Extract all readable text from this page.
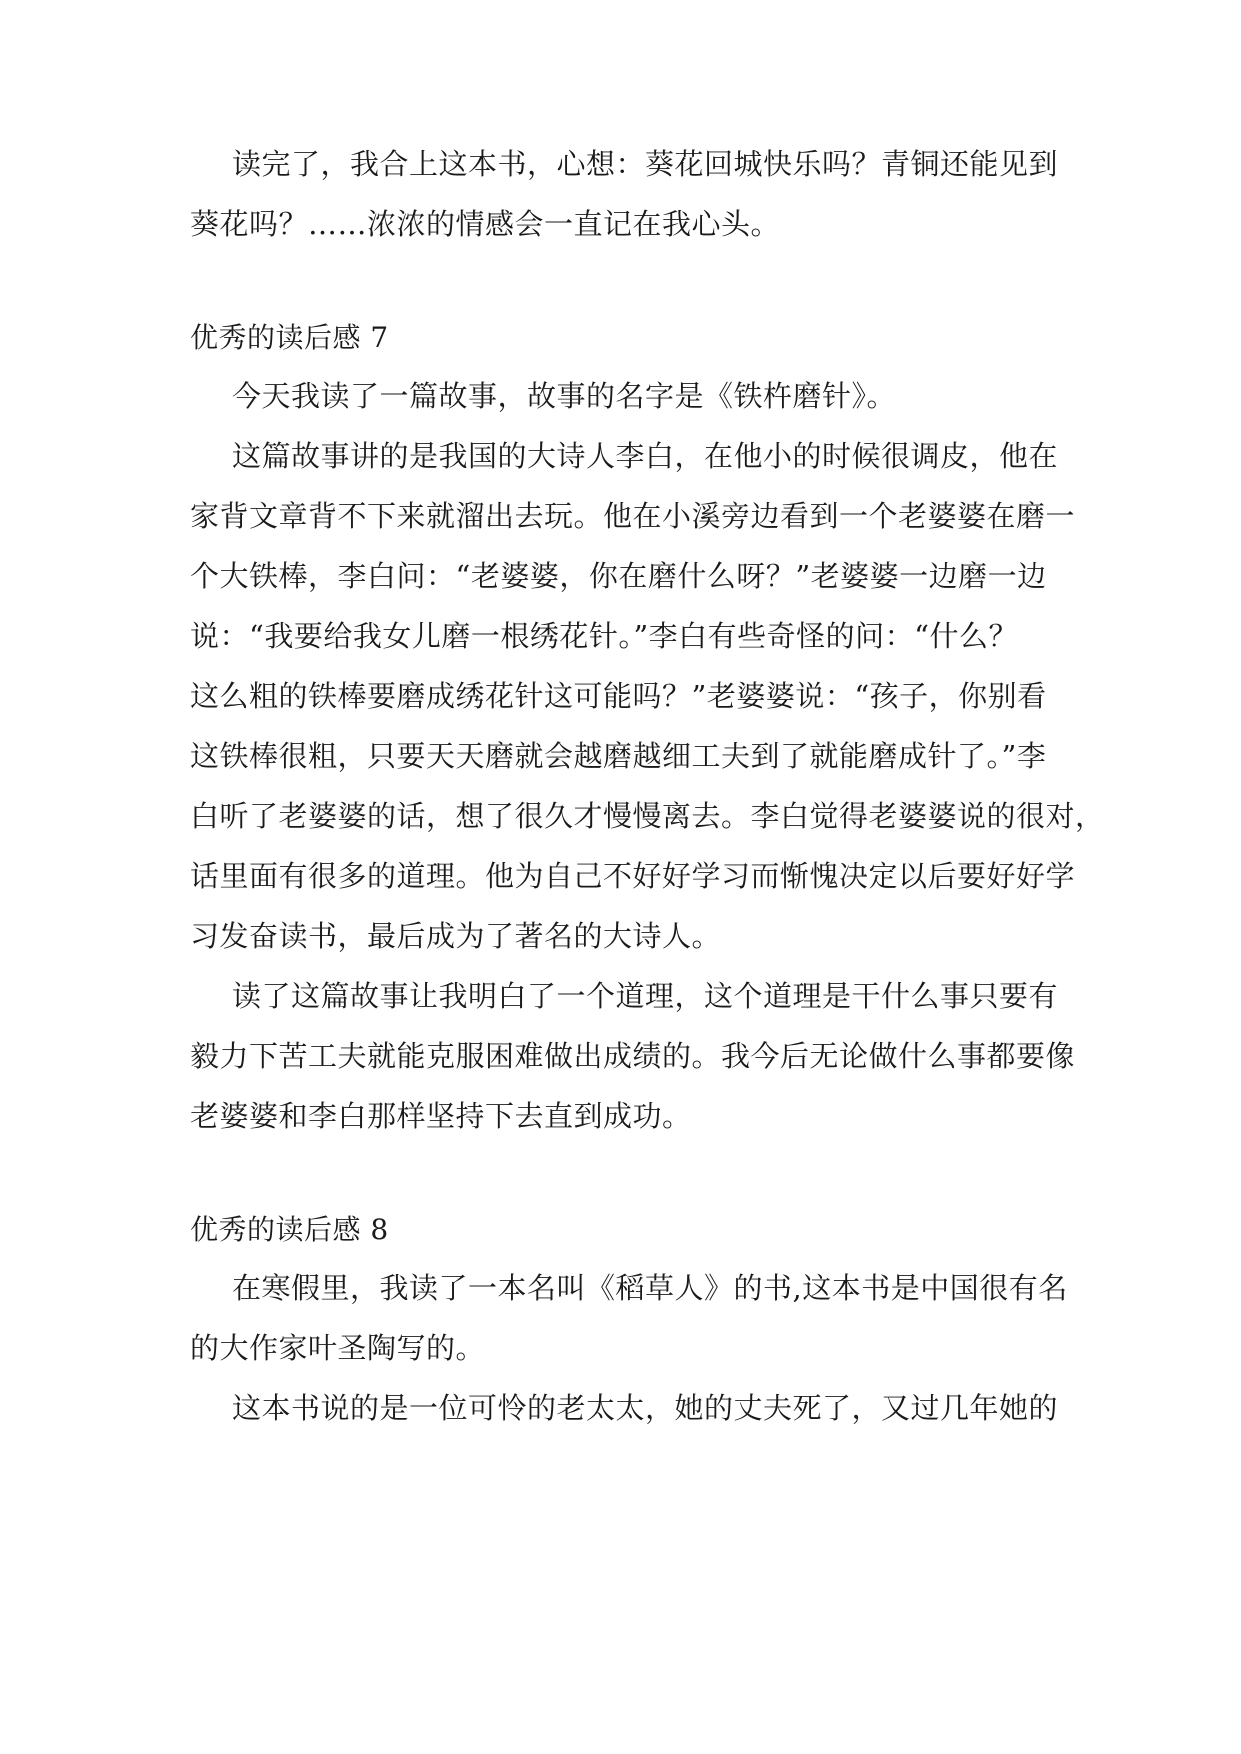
读完了，我合上这本书，心想：葵花回城快乐吗？青铜还能见到
葵花吗？……浓浓的情感会一直记在我心头。
优秀的读后感 7
今天我读了一篇故事，故事的名字是《铁杵磨针》。
这篇故事讲的是我国的大诗人李白，在他小的时候很调皮，他在
家背文章背不下来就溜出去玩。他在小溪旁边看到一个老婆婆在磨一
个大铁棒，李白问：“老婆婆，你在磨什么呀？”老婆婆一边磨一边
说：“我要给我女儿磨一根绣花针。”李白有些奇怪的问：“什么？
这么粗的铁棒要磨成绣花针这可能吗？”老婆婆说：“孩子，你别看
这铁棒很粗，只要天天磨就会越磨越细工夫到了就能磨成针了。”李
白听了老婆婆的话，想了很久才慢慢离去。李白觉得老婆婆说的很对，
话里面有很多的道理。他为自己不好好学习而惭愧决定以后要好好学
习发奋读书，最后成为了著名的大诗人。
读了这篇故事让我明白了一个道理，这个道理是干什么事只要有
毅力下苦工夫就能克服困难做出成绩的。我今后无论做什么事都要像
老婆婆和李白那样坚持下去直到成功。
优秀的读后感 8
在寒假里，我读了一本名叫《稻草人》的书,这本书是中国很有名
的大作家叶圣陶写的。
这本书说的是一位可怜的老太太，她的丈夫死了，又过几年她的
